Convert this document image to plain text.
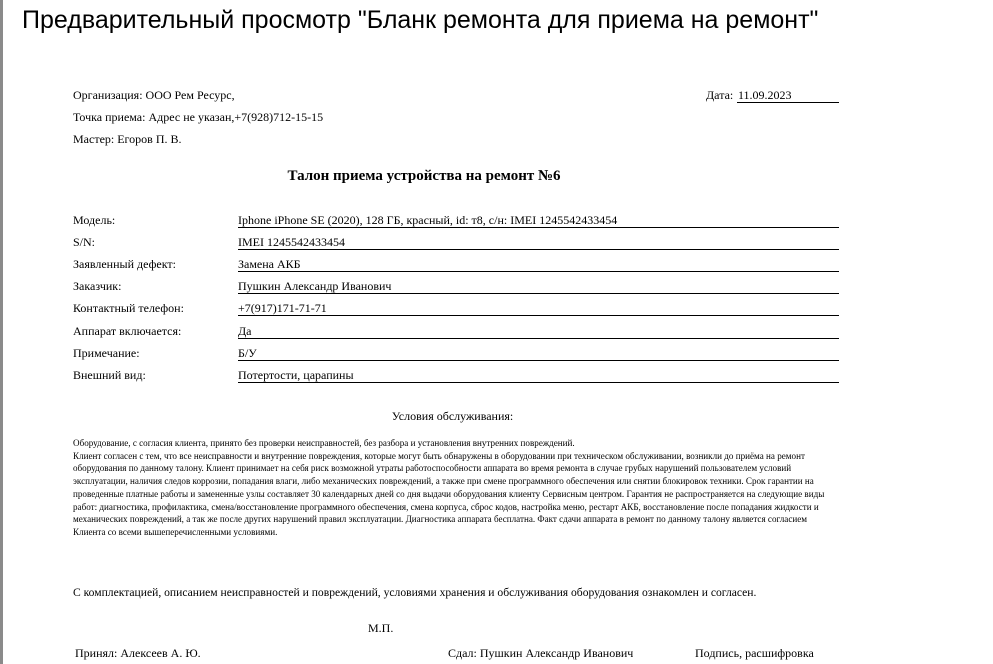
Предварительный просмотр "Бланк ремонта для приема на ремонт"
Организация: ООО Рем Ресурс,
Точка приема: Адрес не указан,+7(928)712-15-15
Мастер: Егоров П. В.
Дата: 11.09.2023
Талон приема устройства на ремонт №6
Модель:	Iphone iPhone SE (2020), 128 ГБ, красный, id: т8, с/н: IMEI 1245542433454
S/N:	IMEI 1245542433454
Заявленный дефект:	Замена АКБ
Заказчик:	Пушкин Александр Иванович
Контактный телефон:	+7(917)171-71-71
Аппарат включается:	Да
Примечание:	Б/У
Внешний вид:	Потертости, царапины
Условия обслуживания:
Оборудование, с согласия клиента, принято без проверки неисправностей, без разбора и установления внутренних повреждений.
Клиент согласен с тем, что все неисправности и внутренние повреждения, которые могут быть обнаружены в оборудовании при техническом обслуживании, возникли до приёма на ремонт оборудования по данному талону. Клиент принимает на себя риск возможной утраты работоспособности аппарата во время ремонта в случае грубых нарушений пользователем условий эксплуатации, наличия следов коррозии, попадания влаги, либо механических повреждений, а также при смене программного обеспечения или снятии блокировок техники. Срок гарантии на проведенные платные работы и замененные узлы составляет 30 календарных дней со дня выдачи оборудования клиенту Сервисным центром. Гарантия не распространяется на следующие виды работ: диагностика, профилактика, смена/восстановление программного обеспечения, смена корпуса, сброс кодов, настройка меню, рестарт АКБ, восстановление после попадания жидкости и механических повреждений, а так же после других нарушений правил эксплуатации. Диагностика аппарата бесплатна. Факт сдачи аппарата в ремонт по данному талону является согласием Клиента со всеми вышеперечисленными условиями.
С комплектацией, описанием неисправностей и повреждений, условиями хранения и обслуживания оборудования ознакомлен и согласен.
М.П.
Принял: Алексеев А. Ю.	Сдал: Пушкин Александр Иванович	Подпись, расшифровка
